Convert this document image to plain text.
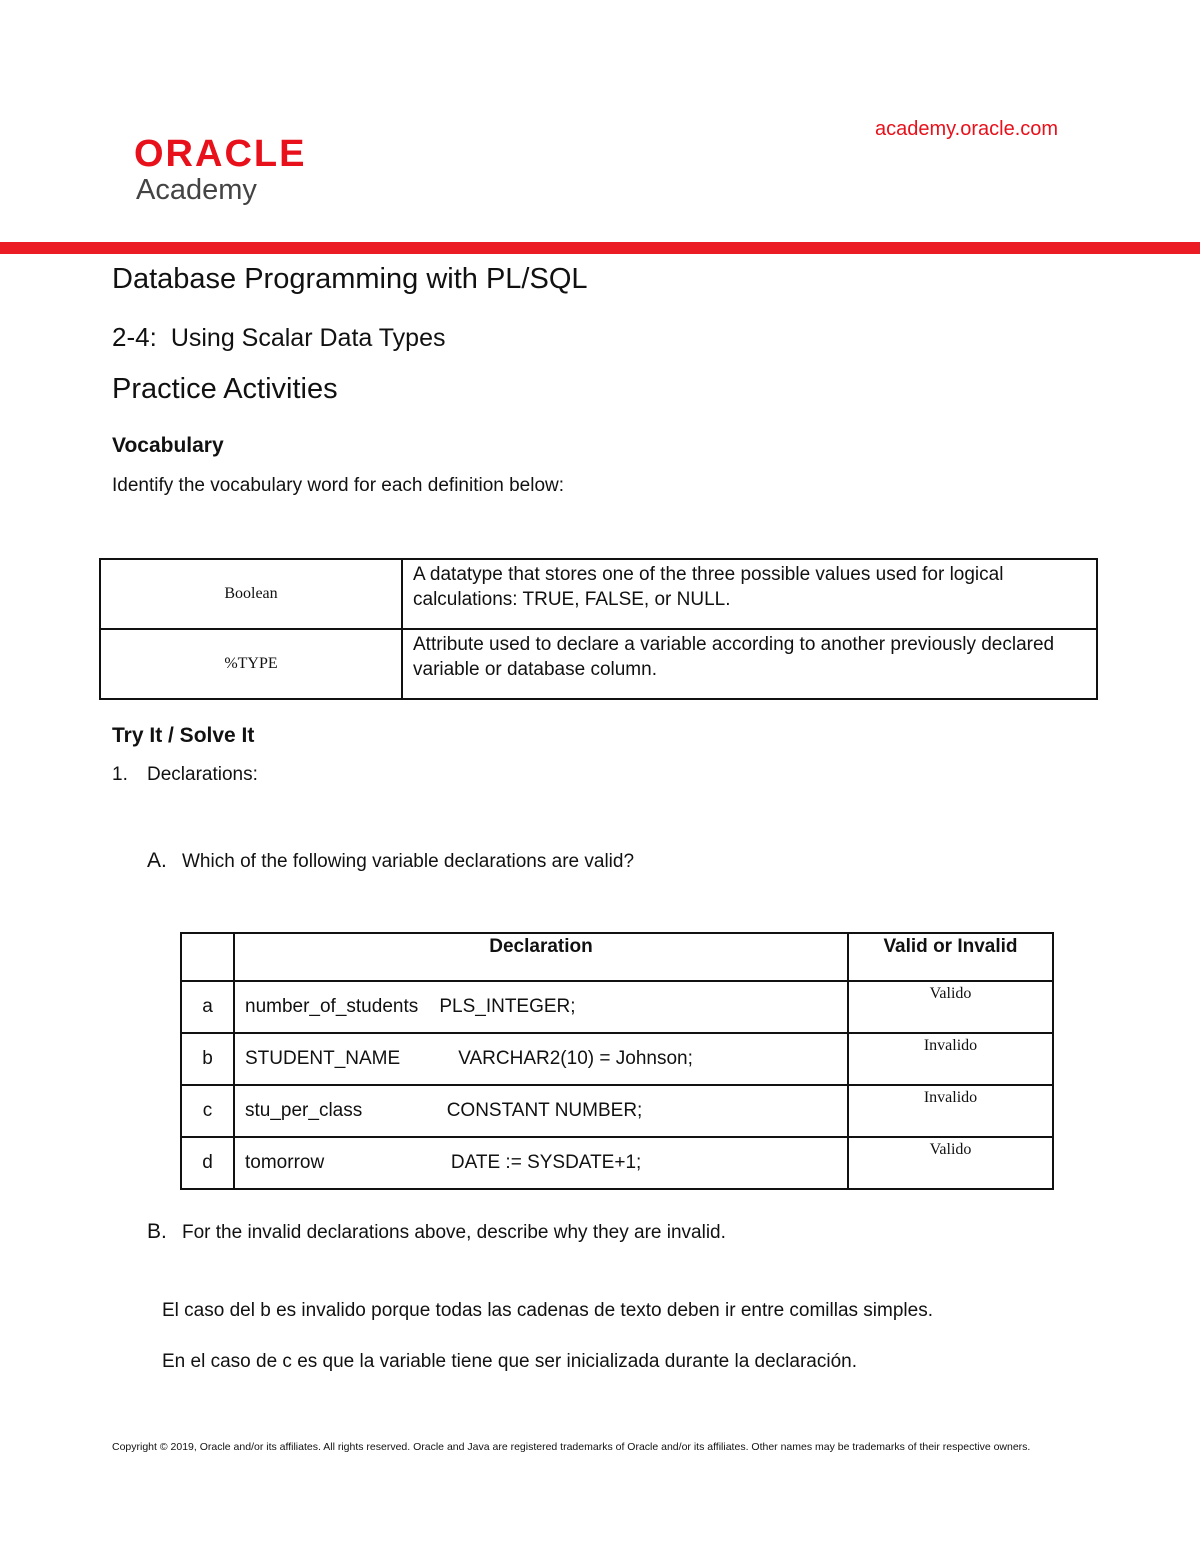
academy.oracle.com
ORACLE
Academy
Database Programming with PL/SQL
2-4: Using Scalar Data Types
Practice Activities
Vocabulary
Identify the vocabulary word for each definition below:
Boolean	A datatype that stores one of the three possible values used for logical calculations: TRUE, FALSE, or NULL.
%TYPE	Attribute used to declare a variable according to another previously declared variable or database column.
Try It / Solve It
1. Declarations:
A. Which of the following variable declarations are valid?
	Declaration	Valid or Invalid
a	number_of_students    PLS_INTEGER;	Valido
b	STUDENT_NAME           VARCHAR2(10) = Johnson;	Invalido
c	stu_per_class                CONSTANT NUMBER;	Invalido
d	tomorrow                        DATE := SYSDATE+1;	Valido
B. For the invalid declarations above, describe why they are invalid.
El caso del b es invalido porque todas las cadenas de texto deben ir entre comillas simples.
En el caso de c es que la variable tiene que ser inicializada durante la declaración.
Copyright © 2019, Oracle and/or its affiliates. All rights reserved. Oracle and Java are registered trademarks of Oracle and/or its affiliates. Other names may be trademarks of their respective owners.
